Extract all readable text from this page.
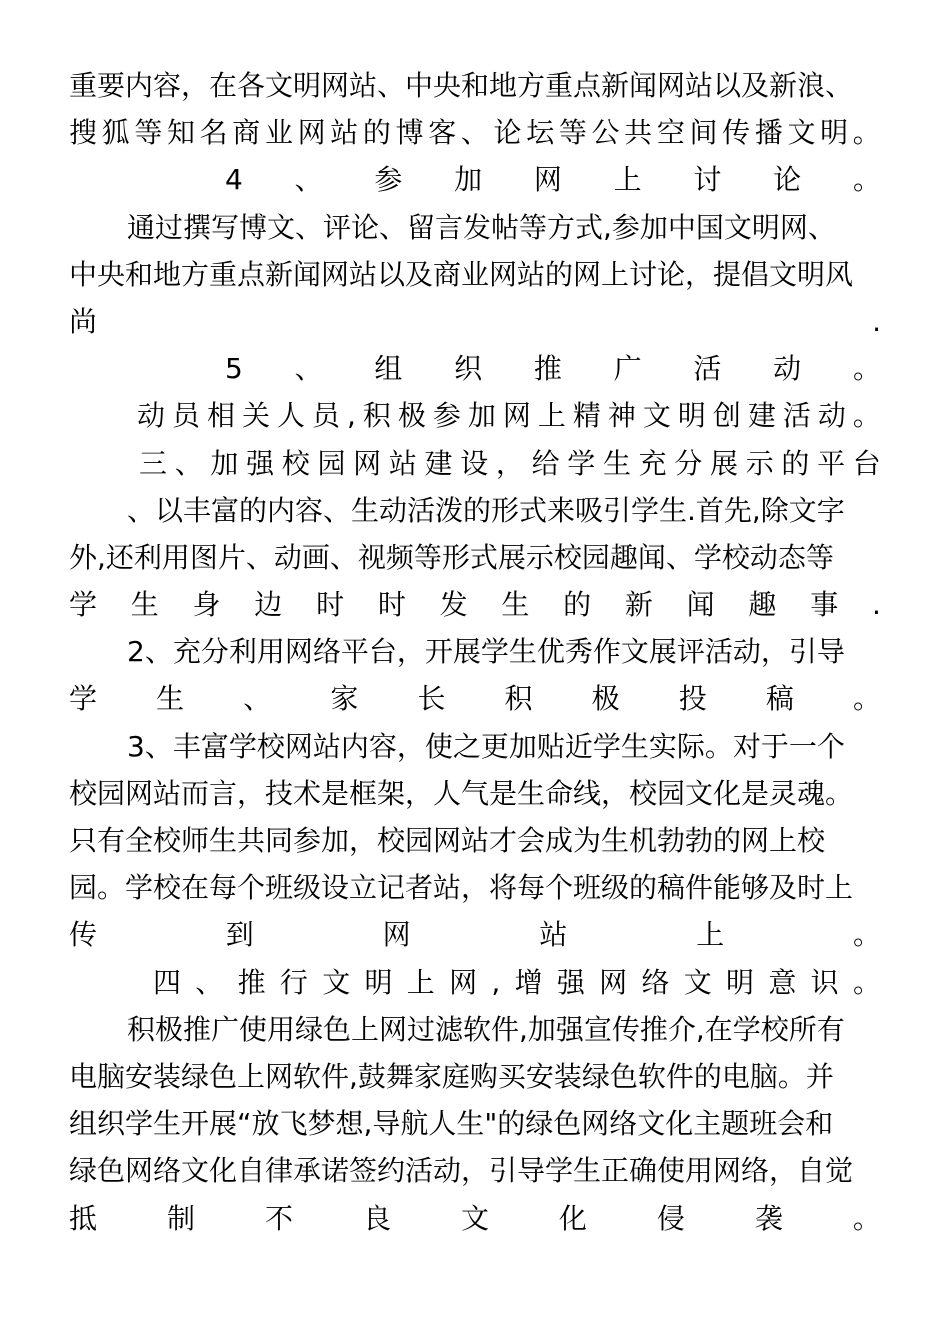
重要内容，在各文明网站、中央和地方重点新闻网站以及新浪、
搜 狐 等 知 名 商 业 网 站 的 博 客 、 论 坛 等 公 共 空 间 传 播 文 明 。
4 、 参 加 网 上 讨 论 。
通过撰写博文、评论、留言发帖等方式,参加中国文明网、
中央和地方重点新闻网站以及商业网站的网上讨论，提倡文明风
尚	.
5 、 组 织 推 广 活 动 。
动 员 相 关 人 员 , 积 极 参 加 网 上 精 神 文 明 创 建 活 动 。
三 、 加 强 校 园 网 站 建 设 ， 给 学 生 充 分 展 示 的 平 台
、以丰富的内容、生动活泼的形式来吸引学生.首先,除文字
外,还利用图片、动画、视频等形式展示校园趣闻、学校动态等
学 生 身 边 时 时 发 生 的 新 闻 趣 事 .
2、充分利用网络平台，开展学生优秀作文展评活动，引导
学 生 、 家 长 积 极 投 稿 。
3、丰富学校网站内容，使之更加贴近学生实际。对于一个
校园网站而言，技术是框架，人气是生命线，校园文化是灵魂。
只有全校师生共同参加，校园网站才会成为生机勃勃的网上校
园。学校在每个班级设立记者站，将每个班级的稿件能够及时上
传	到	网	站	上	。
四 、 推 行 文 明 上 网 , 增 强 网 络 文 明 意 识 。
积极推广使用绿色上网过滤软件,加强宣传推介,在学校所有
电脑安装绿色上网软件,鼓舞家庭购买安装绿色软件的电脑。并
组织学生开展“放飞梦想,导航人生"的绿色网络文化主题班会和
绿色网络文化自律承诺签约活动，引导学生正确使用网络，自觉
抵 制 不 良 文 化 侵 袭 。
